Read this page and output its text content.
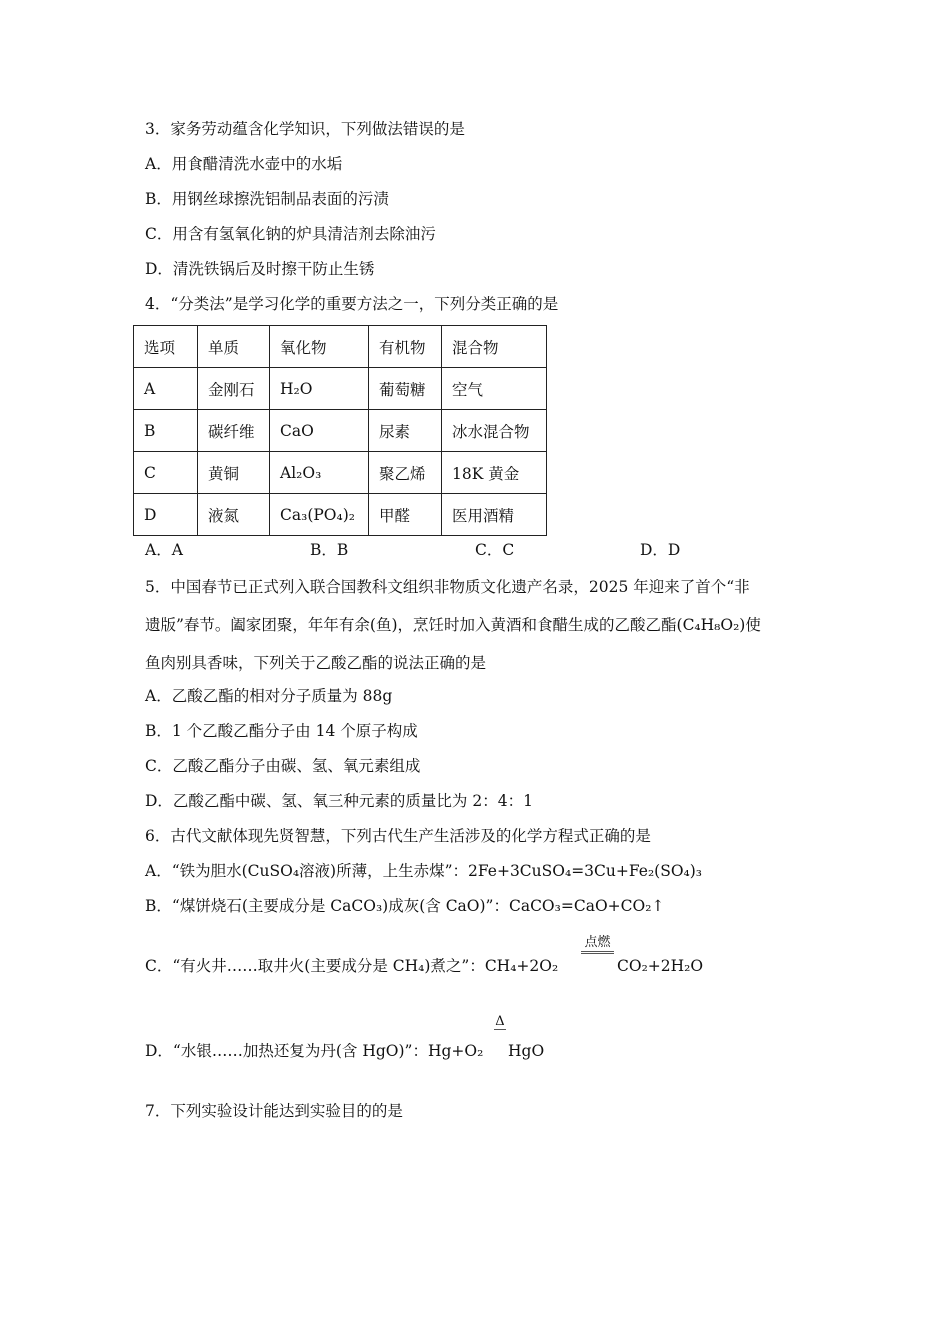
3．家务劳动蕴含化学知识，下列做法错误的是
A．用食醋清洗水壶中的水垢
B．用钢丝球擦洗铝制品表面的污渍
C．用含有氢氧化钠的炉具清洁剂去除油污
D．清洗铁锅后及时擦干防止生锈
4．“分类法”是学习化学的重要方法之一，下列分类正确的是
选项	单质	氧化物	有机物	混合物
A	金刚石	H₂O	葡萄糖	空气
B	碳纤维	CaO	尿素	冰水混合物
C	黄铜	Al₂O₃	聚乙烯	18K 黄金
D	液氮	Ca₃(PO₄)₂	甲醛	医用酒精
A．A	B．B	C．C	D．D
5．中国春节已正式列入联合国教科文组织非物质文化遗产名录，2025 年迎来了首个“非
遗版”春节。阖家团聚，年年有余(鱼)，烹饪时加入黄酒和食醋生成的乙酸乙酯(C₄H₈O₂)使
鱼肉别具香味，下列关于乙酸乙酯的说法正确的是
A．乙酸乙酯的相对分子质量为 88g
B．1 个乙酸乙酯分子由 14 个原子构成
C．乙酸乙酯分子由碳、氢、氧元素组成
D．乙酸乙酯中碳、氢、氧三种元素的质量比为 2：4：1
6．古代文献体现先贤智慧，下列古代生产生活涉及的化学方程式正确的是
A．“铁为胆水(CuSO₄溶液)所薄，上生赤煤”：2Fe+3CuSO₄=3Cu+Fe₂(SO₄)₃
B．“煤饼烧石(主要成分是 CaCO₃)成灰(含 CaO)”：CaCO₃=CaO+CO₂↑
点燃
C．“有火井……取井火(主要成分是 CH₄)煮之”：CH₄+2O₂	CO₂+2H₂O
Δ
D．“水银……加热还复为丹(含 HgO)”：Hg+O₂ HgO
7．下列实验设计能达到实验目的的是
